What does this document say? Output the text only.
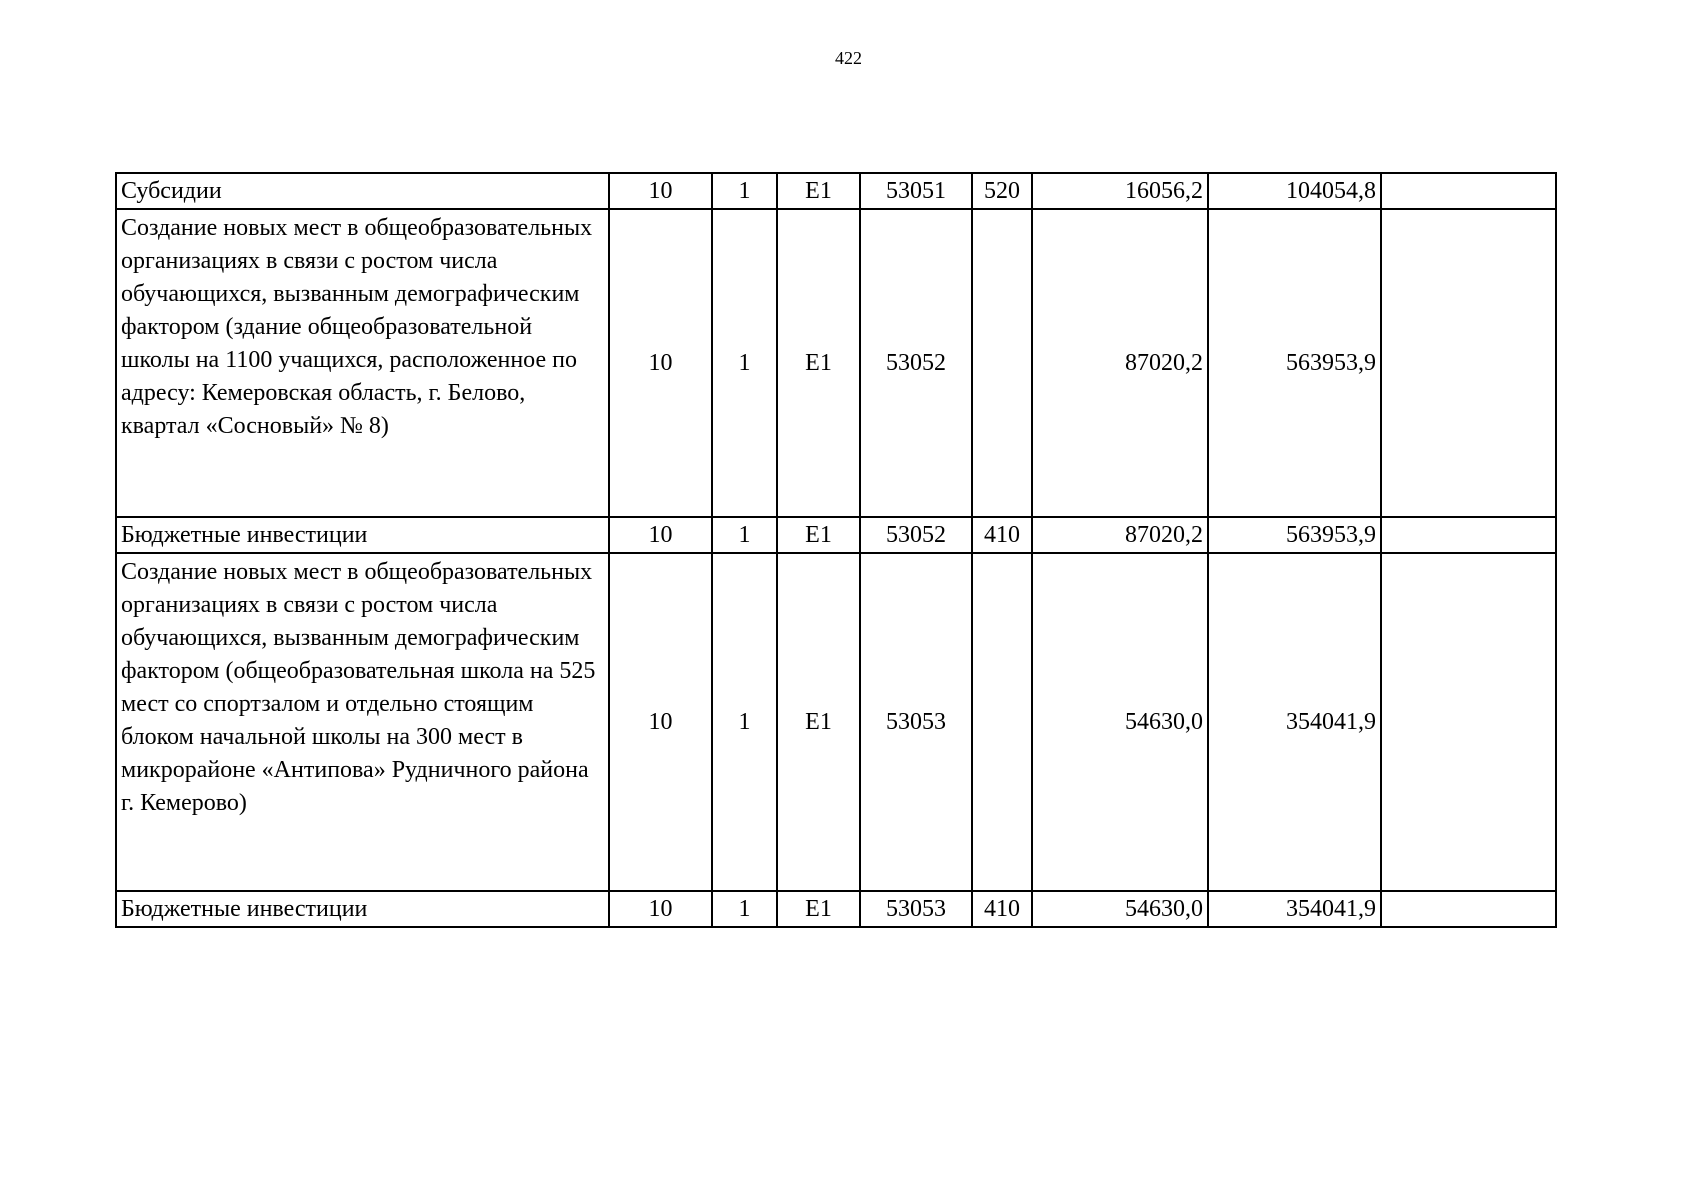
422
Субсидии	10	1	E1	53051	520	16056,2	104054,8	
Создание новых мест в общеобразовательных организациях в связи с ростом числа обучающихся, вызванным демографическим фактором (здание общеобразовательной школы на 1100 учащихся, расположенное по адресу: Кемеровская область, г. Белово, квартал «Сосновый» № 8)	10	1	E1	53052		87020,2	563953,9	
Бюджетные инвестиции	10	1	E1	53052	410	87020,2	563953,9	
Создание новых мест в общеобразовательных организациях в связи с ростом числа обучающихся, вызванным демографическим фактором (общеобразовательная школа на 525 мест со спортзалом и отдельно стоящим блоком начальной школы на 300 мест в микрорайоне «Антипова» Рудничного района г. Кемерово)	10	1	E1	53053		54630,0	354041,9	
Бюджетные инвестиции	10	1	E1	53053	410	54630,0	354041,9	
